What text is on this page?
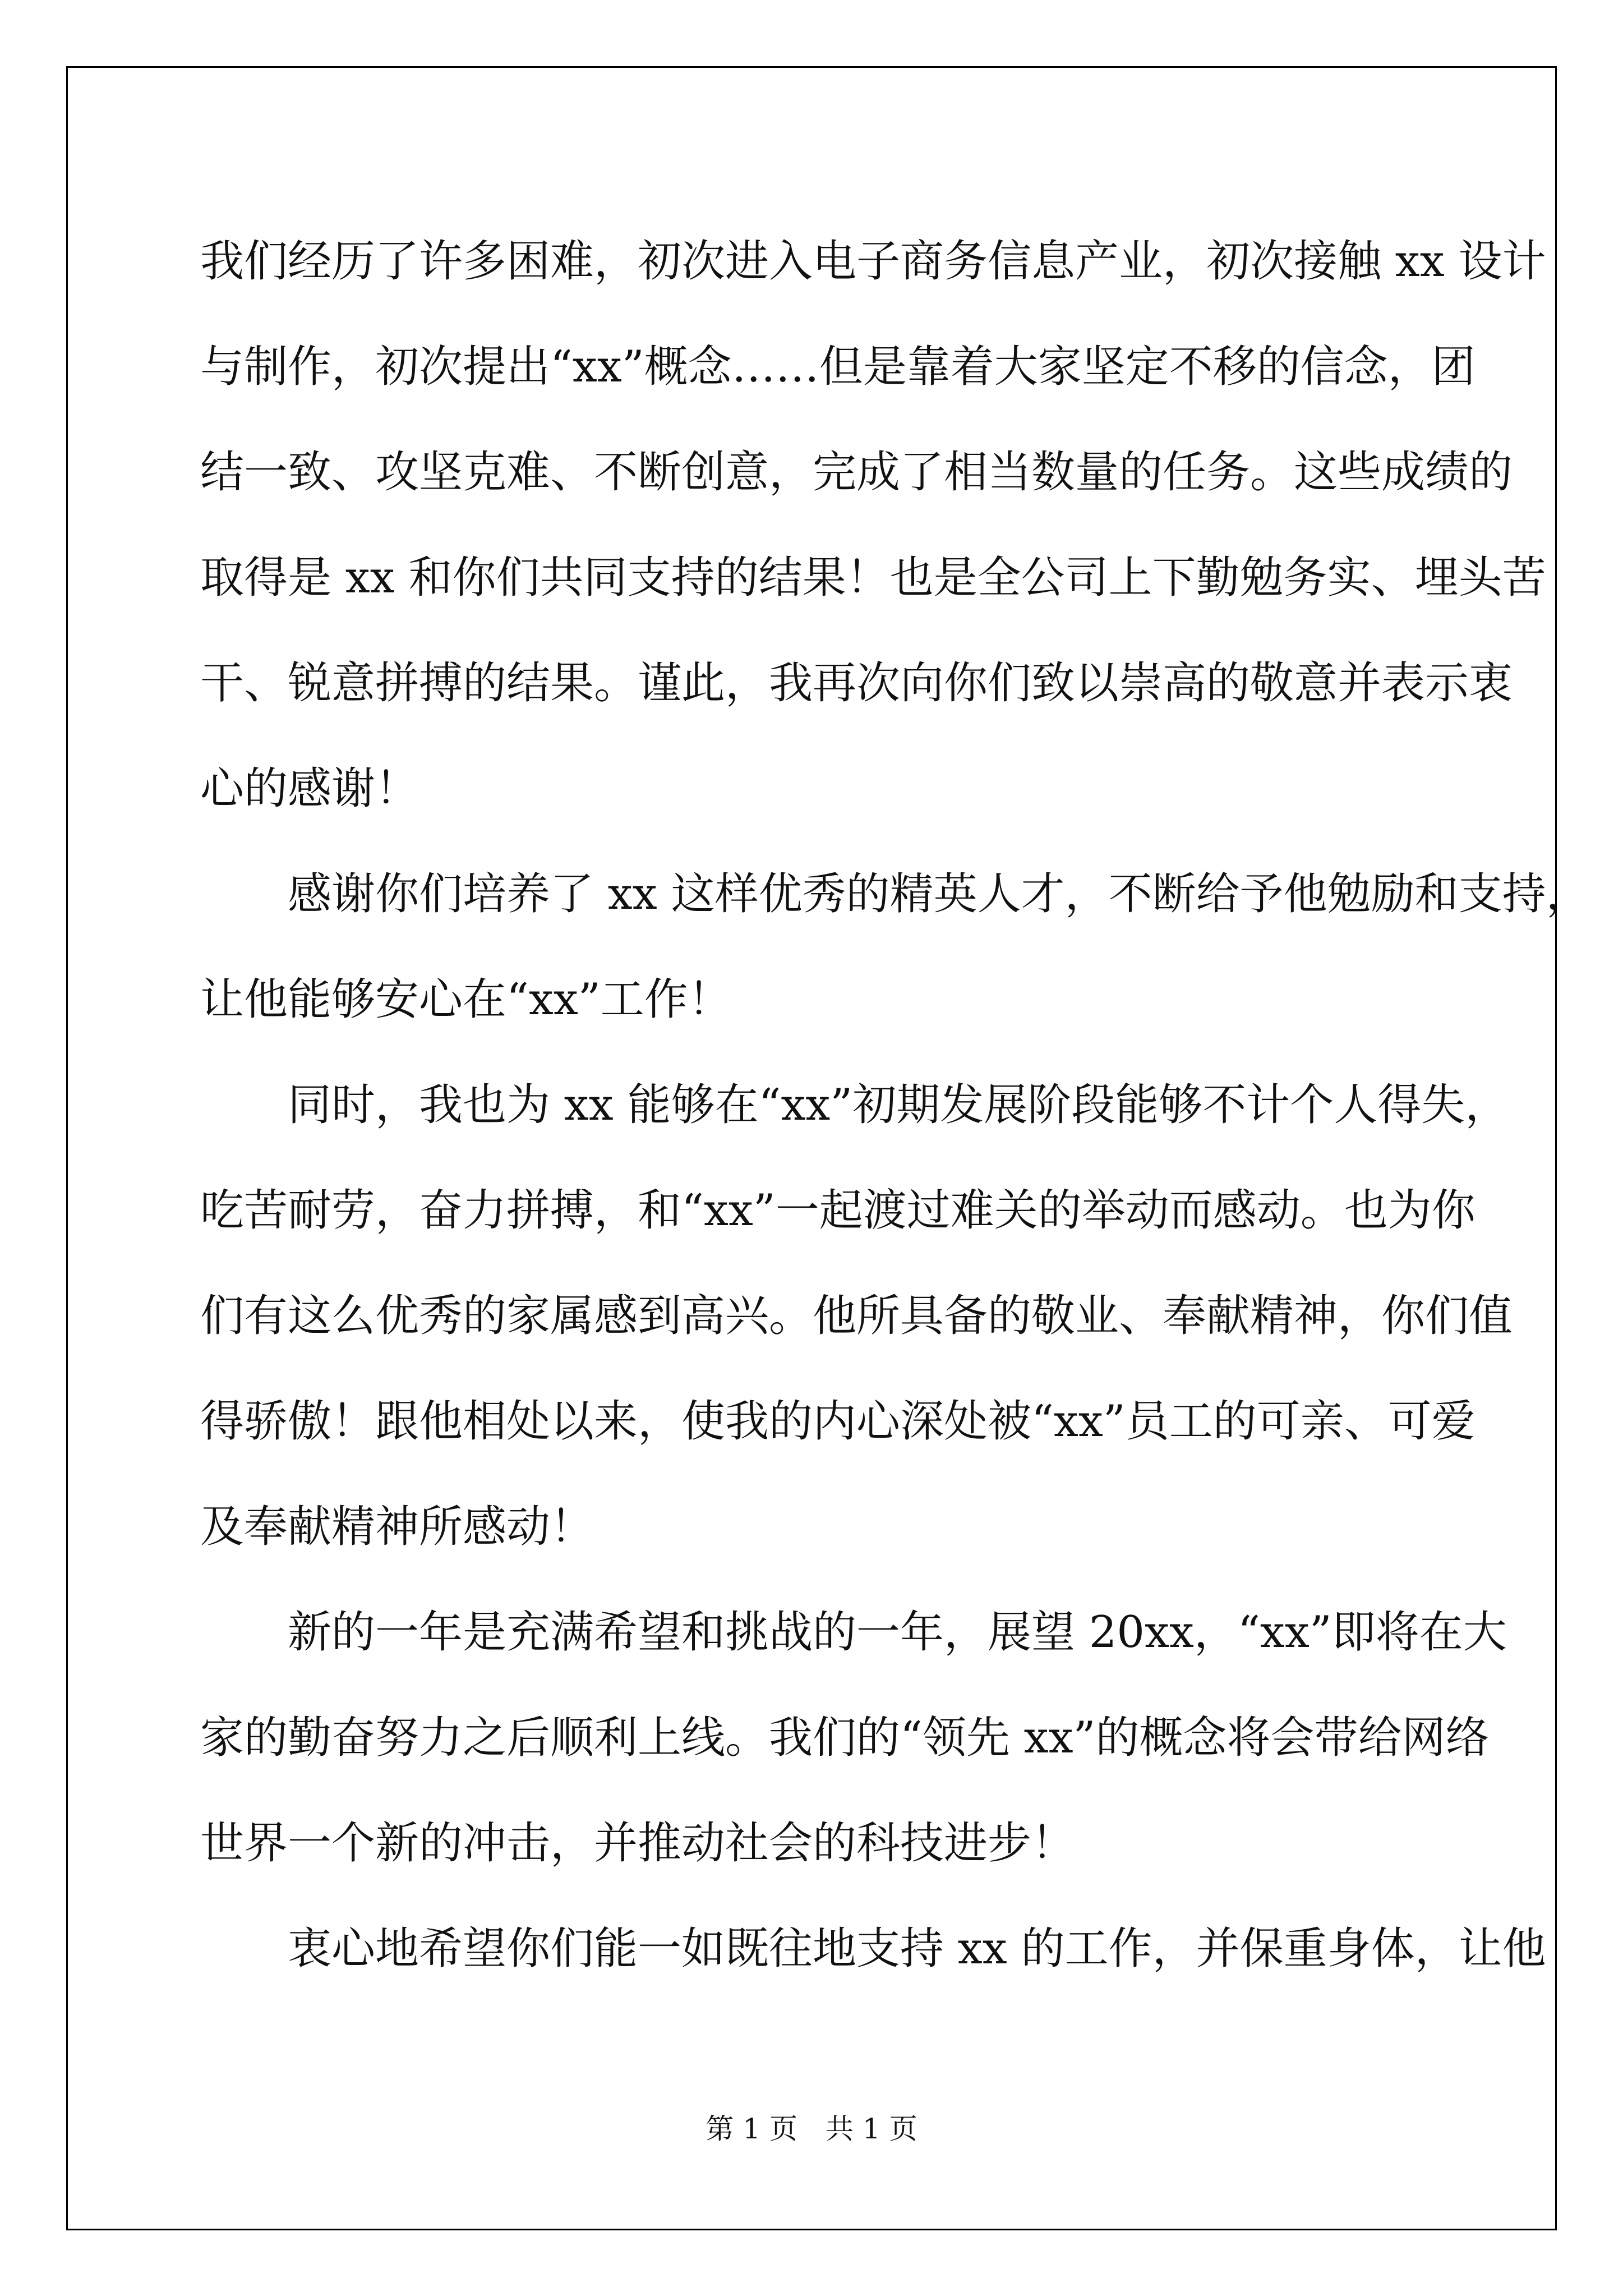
我们经历了许多困难，初次进入电子商务信息产业，初次接触 xx 设计
与制作，初次提出“xx”概念……但是靠着大家坚定不移的信念，团
结一致、攻坚克难、不断创意，完成了相当数量的任务。这些成绩的
取得是 xx 和你们共同支持的结果！也是全公司上下勤勉务实、埋头苦
干、锐意拼搏的结果。谨此，我再次向你们致以崇高的敬意并表示衷
心的感谢！
感谢你们培养了 xx 这样优秀的精英人才，不断给予他勉励和支持，
让他能够安心在“xx”工作！
同时，我也为 xx 能够在“xx”初期发展阶段能够不计个人得失，
吃苦耐劳，奋力拼搏，和“xx”一起渡过难关的举动而感动。也为你
们有这么优秀的家属感到高兴。他所具备的敬业、奉献精神，你们值
得骄傲！跟他相处以来，使我的内心深处被“xx”员工的可亲、可爱
及奉献精神所感动！
新的一年是充满希望和挑战的一年，展望 20xx，“xx”即将在大
家的勤奋努力之后顺利上线。我们的“领先 xx”的概念将会带给网络
世界一个新的冲击，并推动社会的科技进步！
衷心地希望你们能一如既往地支持 xx 的工作，并保重身体，让他
第 1 页 共 1 页
